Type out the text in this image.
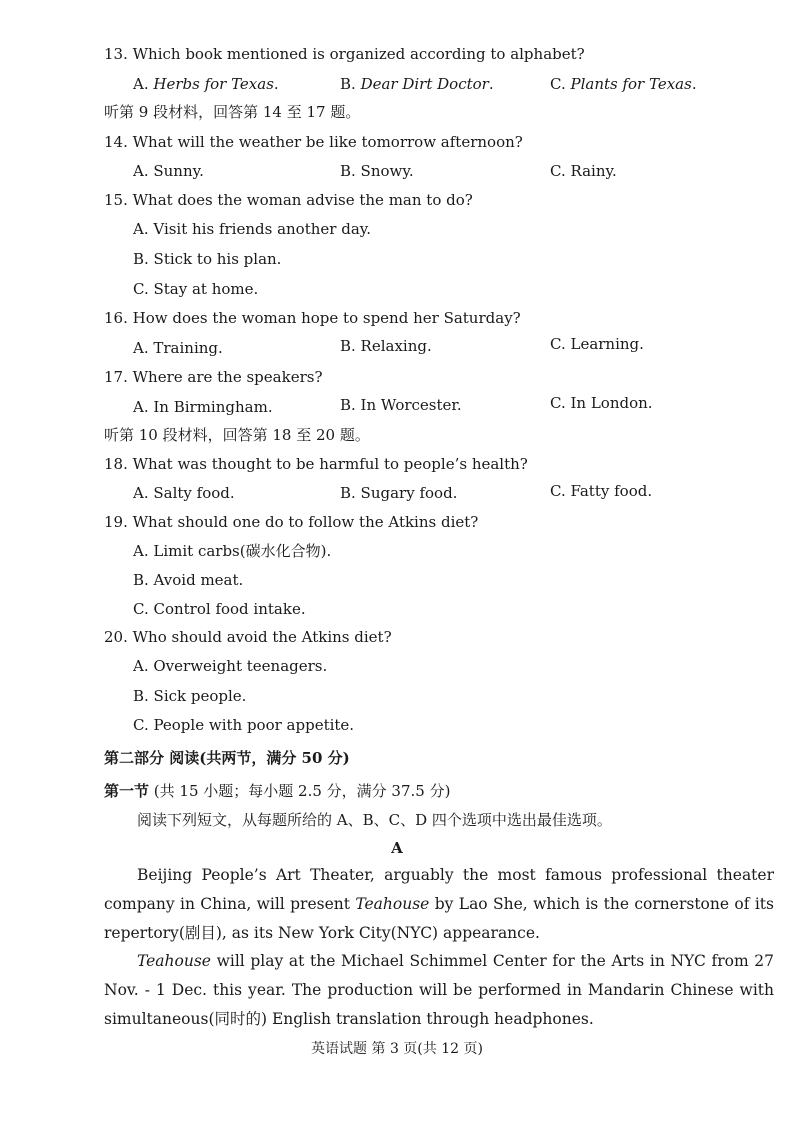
13. Which book mentioned is organized according to alphabet?
A. Herbs for Texas.	B. Dear Dirt Doctor.	C. Plants for Texas.
听第 9 段材料，回答第 14 至 17 题。
14. What will the weather be like tomorrow afternoon?
A. Sunny.	B. Snowy.	C. Rainy.
15. What does the woman advise the man to do?
A. Visit his friends another day.
B. Stick to his plan.
C. Stay at home.
16. How does the woman hope to spend her Saturday?
A. Training.	B. Relaxing.	C. Learning.
17. Where are the speakers?
A. In Birmingham.	B. In Worcester.	C. In London.
听第 10 段材料，回答第 18 至 20 题。
18. What was thought to be harmful to people’s health?
A. Salty food.	B. Sugary food.	C. Fatty food.
19. What should one do to follow the Atkins diet?
A. Limit carbs(碳水化合物).
B. Avoid meat.
C. Control food intake.
20. Who should avoid the Atkins diet?
A. Overweight teenagers.
B. Sick people.
C. People with poor appetite.
第二部分 阅读(共两节，满分 50 分)
第一节 (共 15 小题；每小题 2.5 分，满分 37.5 分)
阅读下列短文，从每题所给的 A、B、C、D 四个选项中选出最佳选项。
A
Beijing People’s Art Theater, arguably the most famous professional theater company in China, will present Teahouse by Lao She, which is the cornerstone of its repertory(剧目), as its New York City(NYC) appearance.
Teahouse will play at the Michael Schimmel Center for the Arts in NYC from 27 Nov. - 1 Dec. this year. The production will be performed in Mandarin Chinese with simultaneous(同时的) English translation through headphones.
英语试题 第 3 页(共 12 页)
